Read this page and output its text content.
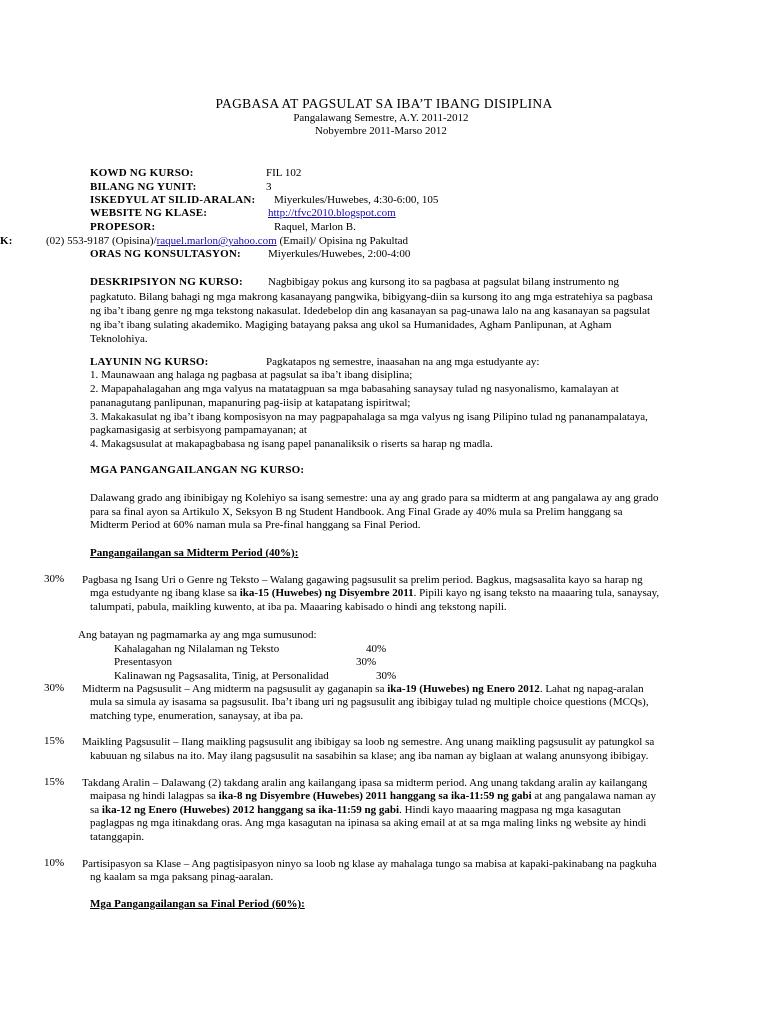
PAGBASA AT PAGSULAT SA IBA’T IBANG DISIPLINA
Pangalawang Semestre, A.Y. 2011-2012
Nobyembre 2011-Marso 2012
KOWD NG KURSO:	FIL 102
BILANG NG YUNIT:	3
ISKEDYUL AT SILID-ARALAN: Miyerkules/Huwebes, 4:30-6:00, 105
WEBSITE NG KLASE:	http://tfvc2010.blogspot.com
PROPESOR:	Raquel, Marlon B.
K:	(02) 553-9187 (Opisina)/raquel.marlon@yahoo.com (Email)/ Opisina ng Pakultad
ORAS NG KONSULTASYON: Miyerkules/Huwebes, 2:00-4:00
DESKRIPSIYON NG KURSO: Nagbibigay pokus ang kursong ito sa pagbasa at pagsulat bilang instrumento ng
pagkatuto. Bilang bahagi ng mga makrong kasanayang pangwika, bibigyang-diin sa kursong ito ang mga estratehiya sa pagbasa
ng iba’t ibang genre ng mga tekstong nakasulat. Idedebelop din ang kasanayan sa pag-unawa lalo na ang kasanayan sa pagsulat
ng iba’t ibang sulating akademiko. Magiging batayang paksa ang ukol sa Humanidades, Agham Panlipunan, at Agham
Teknolohiya.
LAYUNIN NG KURSO:	Pagkatapos ng semestre, inaasahan na ang mga estudyante ay:
1. Maunawaan ang halaga ng pagbasa at pagsulat sa iba’t ibang disiplina;
2. Mapapahalagahan ang mga valyus na matatagpuan sa mga babasahing sanaysay tulad ng nasyonalismo, kamalayan at
pananagutang panlipunan, mapanuring pag-iisip at katapatang ispiritwal;
3. Makakasulat ng iba’t ibang komposisyon na may pagpapahalaga sa mga valyus ng isang Pilipino tulad ng pananampalataya,
pagkamasigasig at serbisyong pampamayanan; at
4. Makagsusulat at makapagbabasa ng isang papel pananaliksik o riserts sa harap ng madla.
MGA PANGANGAILANGAN NG KURSO:
Dalawang grado ang ibinibigay ng Kolehiyo sa isang semestre: una ay ang grado para sa midterm at ang pangalawa ay ang grado
para sa final ayon sa Artikulo X, Seksyon B ng Student Handbook. Ang Final Grade ay 40% mula sa Prelim hanggang sa
Midterm Period at 60% naman mula sa Pre-final hanggang sa Final Period.
Pangangailangan sa Midterm Period (40%):
30% Pagbasa ng Isang Uri o Genre ng Teksto – Walang gagawing pagsusulit sa prelim period. Bagkus, magsasalita kayo sa harap ng
mga estudyante ng ibang klase sa ika-15 (Huwebes) ng Disyembre 2011. Pipili kayo ng isang teksto na maaaring tula, sanaysay,
talumpati, pabula, maikling kuwento, at iba pa. Maaaring kabisado o hindi ang tekstong napili.
Ang batayan ng pagmamarka ay ang mga sumusunod:
Kahalagahan ng Nilalaman ng Teksto	40%
Presentasyon	30%
Kalinawan ng Pagsasalita, Tinig, at Personalidad	30%
30% Midterm na Pagsusulit – Ang midterm na pagsusulit ay gaganapin sa ika-19 (Huwebes) ng Enero 2012. Lahat ng napag-aralan
mula sa simula ay isasama sa pagsusulit. Iba’t ibang uri ng pagsusulit ang ibibigay tulad ng multiple choice questions (MCQs),
matching type, enumeration, sanaysay, at iba pa.
15% Maikling Pagsusulit – Ilang maikling pagsusulit ang ibibigay sa loob ng semestre. Ang unang maikling pagsusulit ay patungkol sa
kabuuan ng silabus na ito. May ilang pagsusulit na sasabihin sa klase; ang iba naman ay biglaan at walang anunsyong ibibigay.
15% Takdang Aralin – Dalawang (2) takdang aralin ang kailangang ipasa sa midterm period. Ang unang takdang aralin ay kailangang
maipasa ng hindi lalagpas sa ika-8 ng Disyembre (Huwebes) 2011 hanggang sa ika-11:59 ng gabi at ang pangalawa naman ay
sa ika-12 ng Enero (Huwebes) 2012 hanggang sa ika-11:59 ng gabi. Hindi kayo maaaring magpasa ng mga kasagutan
paglagpas ng mga itinakdang oras. Ang mga kasagutan na ipinasa sa aking email at at sa mga maling links ng website ay hindi
tatanggapin.
10% Partisipasyon sa Klase – Ang pagtisipasyon ninyo sa loob ng klase ay mahalaga tungo sa mabisa at kapaki-pakinabang na pagkuha
ng kaalam sa mga paksang pinag-aaralan.
Mga Pangangailangan sa Final Period (60%):
